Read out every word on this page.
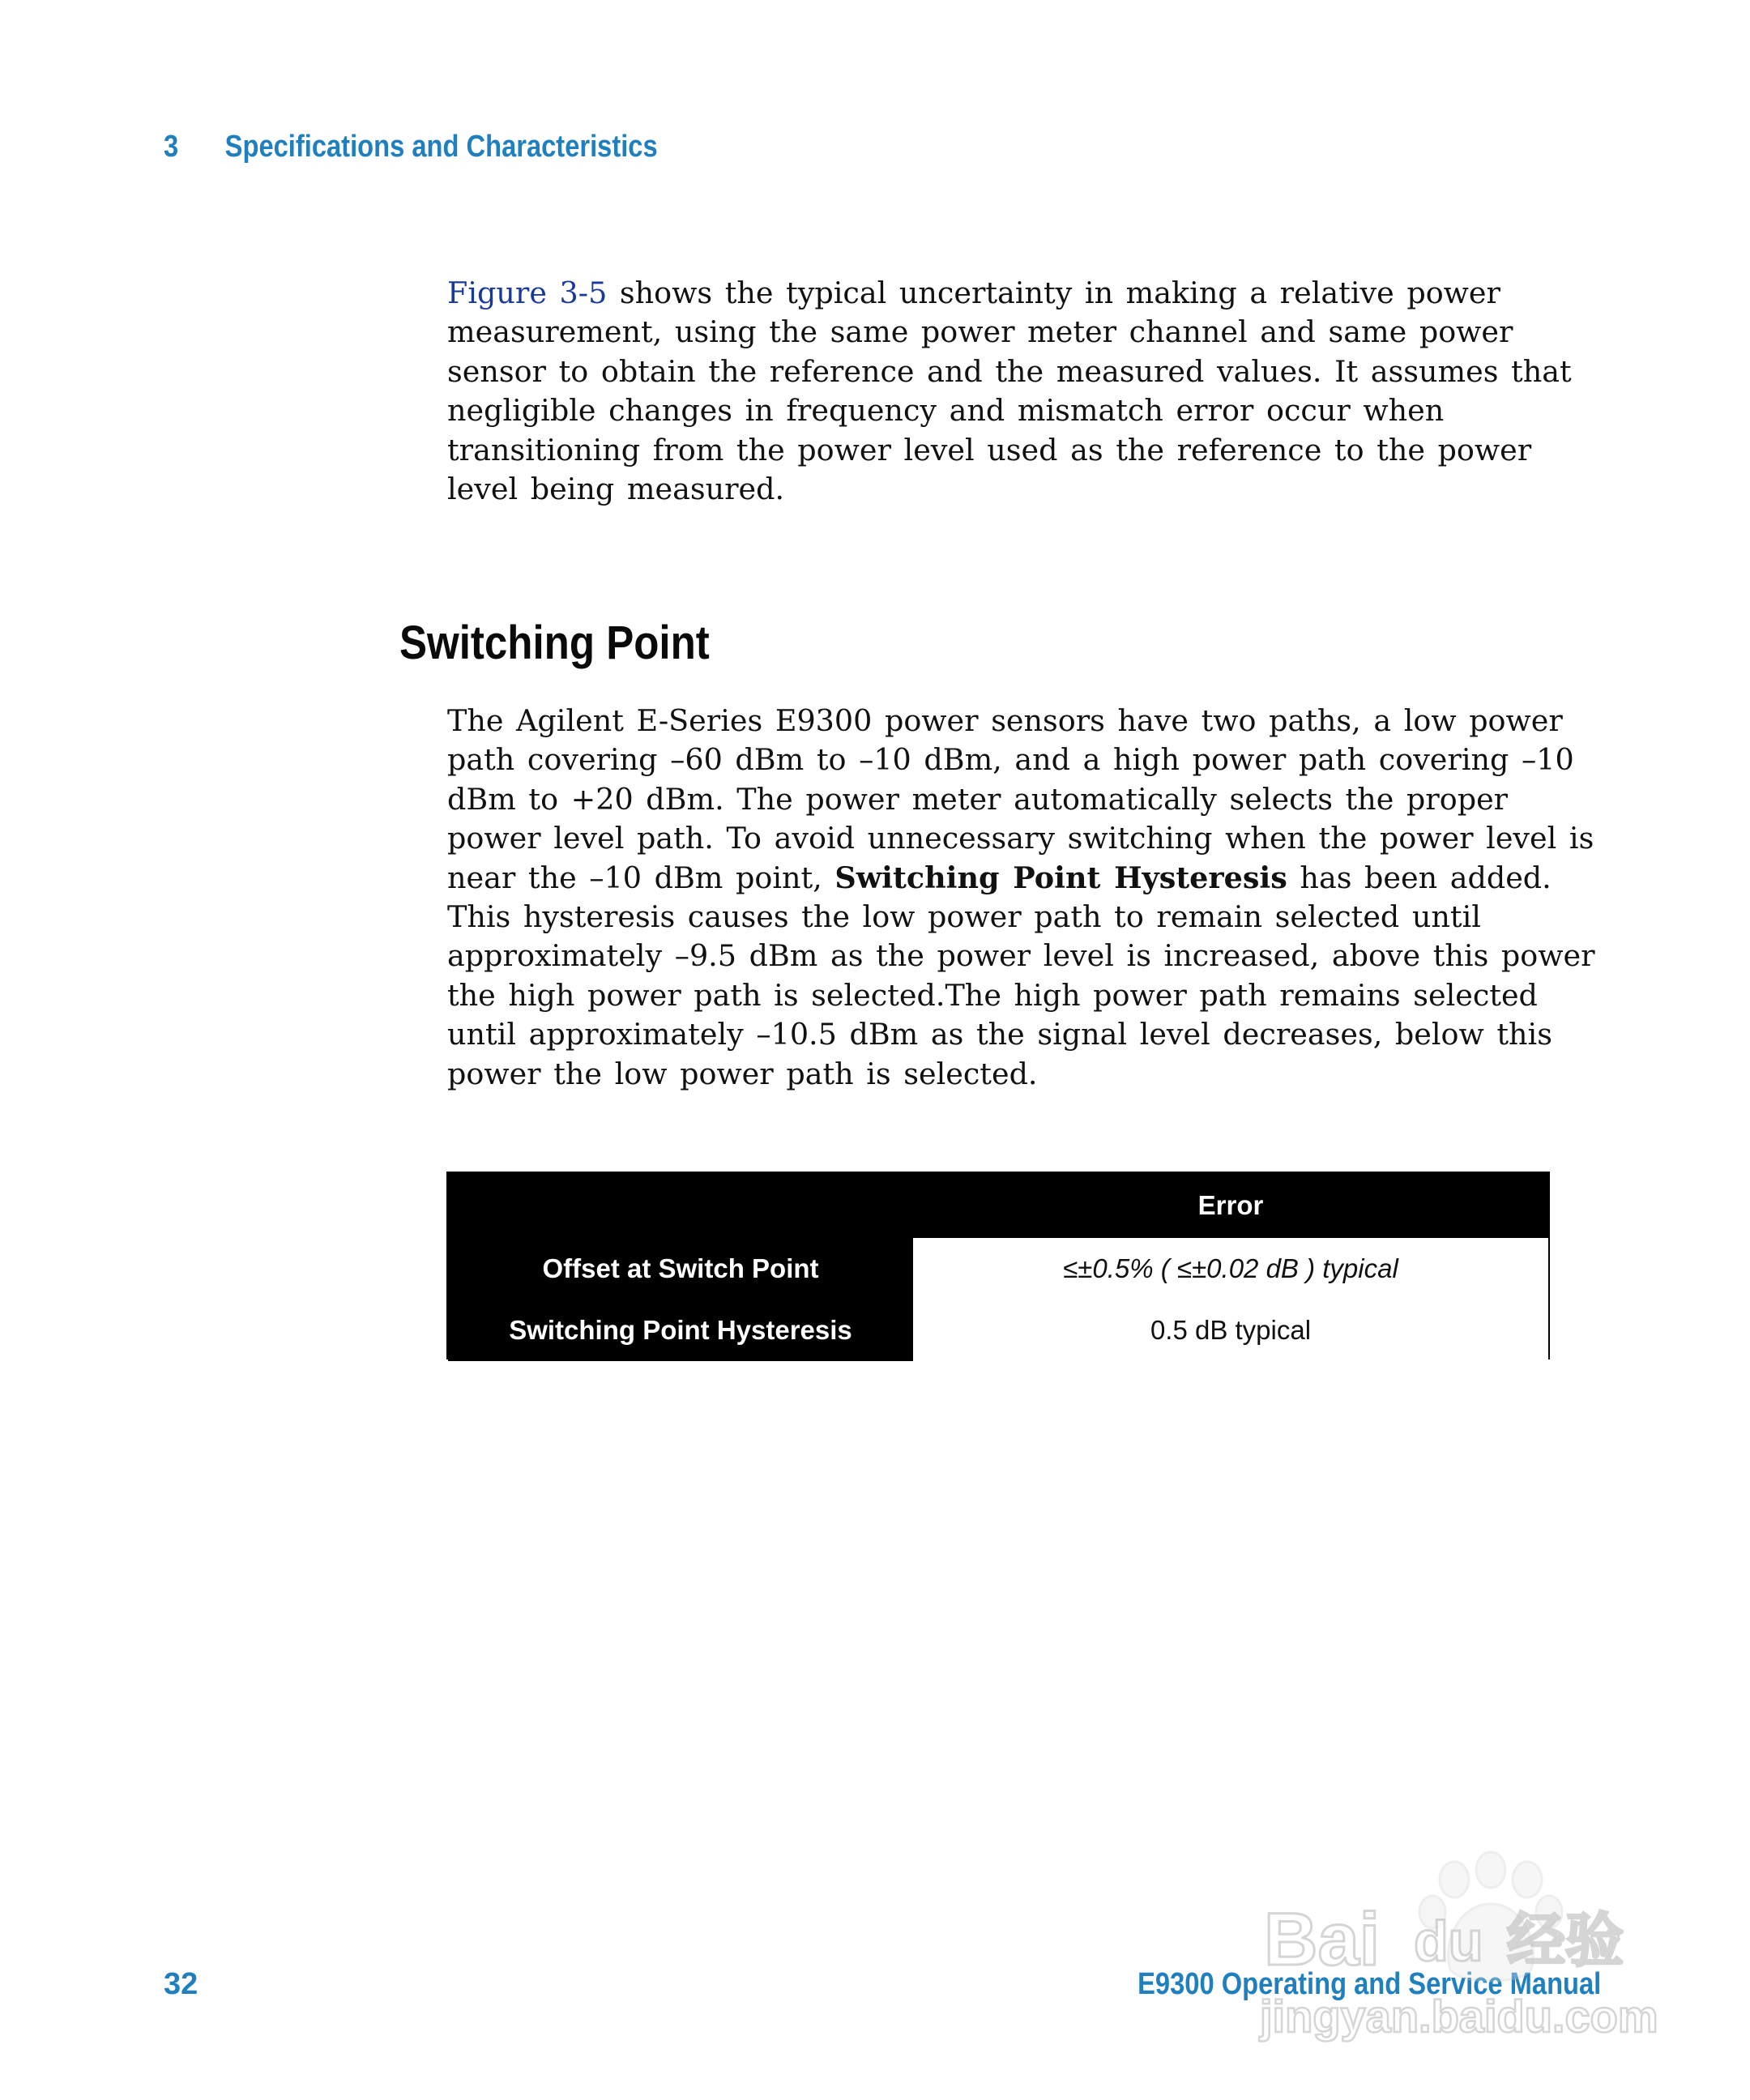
3 Specifications and Characteristics

Figure 3-5 shows the typical uncertainty in making a relative power measurement, using the same power meter channel and same power sensor to obtain the reference and the measured values. It assumes that negligible changes in frequency and mismatch error occur when transitioning from the power level used as the reference to the power level being measured.

Switching Point

The Agilent E-Series E9300 power sensors have two paths, a low power path covering –60 dBm to –10 dBm, and a high power path covering –10 dBm to +20 dBm. The power meter automatically selects the proper power level path. To avoid unnecessary switching when the power level is near the –10 dBm point, Switching Point Hysteresis has been added. This hysteresis causes the low power path to remain selected until approximately –9.5 dBm as the power level is increased, above this power the high power path is selected.The high power path remains selected until approximately –10.5 dBm as the signal level decreases, below this power the low power path is selected.

Error
Offset at Switch Point	≤±0.5% ( ≤±0.02 dB ) typical
Switching Point Hysteresis	0.5 dB typical
32	E9300 Operating and Service Manual
Bai du 经验
jingyan.baidu.com
